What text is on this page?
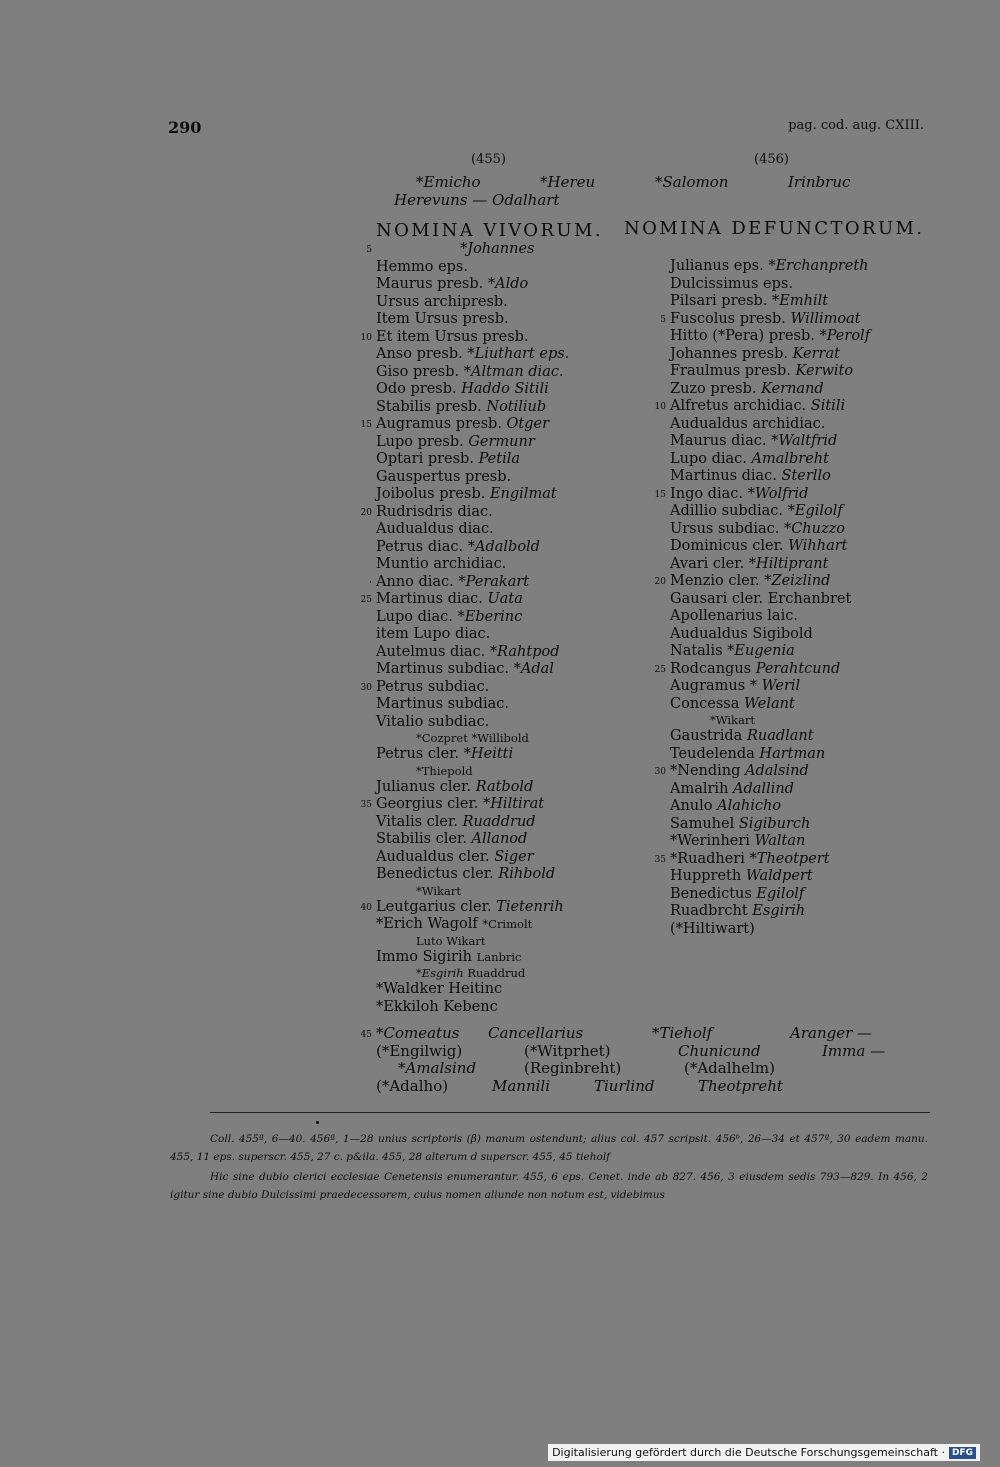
290	pag. cod. aug. CXIII.
(455)	(456)
*Emicho	*Hereu	*Salomon	Irinbruc
Herevuns — Odalhart
NOMINA VIVORUM. NOMINA DEFUNCTORUM.
5	*Johannes
Hemmo eps.
Maurus presb. *Aldo
Ursus archipresb.
Item Ursus presb.
10 Et item Ursus presb.
Anso presb. *Liuthart eps.
Giso presb. *Altman diac.
Odo presb. Haddo Sitili
Stabilis presb. Notiliub
15 Augramus presb. Otger
Lupo presb. Germunr
Optari presb. Petila
Gauspertus presb.
Joibolus presb. Engilmat
20 Rudrisdris diac.
Audualdus diac.
Petrus diac. *Adalbold
Muntio archidiac.
· Anno diac. *Perakart
25 Martinus diac. Uata
Lupo diac. *Eberinc
item Lupo diac.
Autelmus diac. *Rahtpod
Martinus subdiac. *Adal
30 Petrus subdiac.
Martinus subdiac.
Vitalio subdiac.
*Cozpret *Willibold
Petrus cler. *Heitti
*Thiepold
Julianus cler. Ratbold
35 Georgius cler. *Hiltirat
Vitalis cler. Ruaddrud
Stabilis cler. Allanod
Audualdus cler. Siger
Benedictus cler. Rihbold
*Wikart
40 Leutgarius cler. Tietenrih
*Erich Wagolf *Crimolt
Luto Wikart
Immo Sigirih Lanbric
*Esgirih Ruaddrud
*Waldker Heitinc
*Ekkiloh Kebenc
Julianus eps. *Erchanpreth
Dulcissimus eps.
Pilsari presb. *Emhilt
5 Fuscolus presb. Willimoat
Hitto (*Pera) presb. *Perolf
Johannes presb. Kerrat
Fraulmus presb. Kerwito
Zuzo presb. Kernand
10 Alfretus archidiac. Sitili
Audualdus archidiac.
Maurus diac. *Waltfrid
Lupo diac. Amalbreht
Martinus diac. Sterllo
15 Ingo diac. *Wolfrid
Adillio subdiac. *Egilolf
Ursus subdiac. *Chuzzo
Dominicus cler. Wihhart
Avari cler. *Hiltiprant
20 Menzio cler. *Zeizlind
Gausari cler. Erchanbret
Apollenarius laic.
Audualdus Sigibold
Natalis *Eugenia
25 Rodcangus Perahtcund
Augramus * Weril
Concessa Welant
*Wikart
Gaustrida Ruadlant
Teudelenda Hartman
30 *Nending Adalsind
Amalrih Adallind
Anulo Alahicho
Samuhel Sigiburch
*Werinheri Waltan
35 *Ruadheri *Theotpert
Huppreth Waldpert
Benedictus Egilolf
Ruadbrcht Esgirih
(*Hiltiwart)
45 *Comeatus Cancellarius	*Tieholf	Aranger —
(*Engilwig)	(*Witprhet)	Chunicund	Imma —
*Amalsind	(Reginbreht)	(*Adalhelm)
(*Adalho)	Mannili	Tiurlind	Theotpreht

Coll. 455ª, 6—40. 456ª, 1—28 unius scriptoris (β) manum ostendunt; alius col. 457 scripsit. 456ᵇ, 26—34 et 457ª, 30 eadem manu. 455, 11 eps. superscr. 455, 27 c. p&ila. 455, 28 alterum d superscr. 455, 45 tieholf

Hic sine dubio clerici ecclesiae Cenetensis enumerantur. 455, 6 eps. Cenet. inde ab 827. 456, 3 eiusdem sedis 793—829. In 456, 2 igitur sine dubio Dulcissimi praedecessorem, cuius nomen aliunde non notum est, videbimus

Digitalisierung gefördert durch die Deutsche Forschungsgemeinschaft · DFG
